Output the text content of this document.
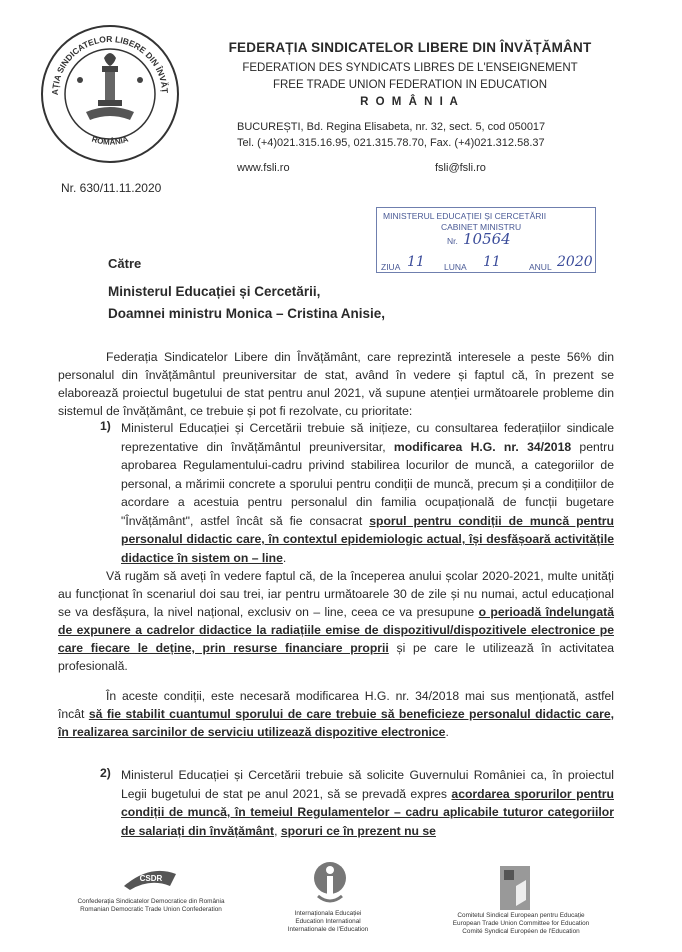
AȚIA SINDICATELOR LIBERE DIN ÎNVĂȚ
ROMÂNIA
FEDERAȚIA SINDICATELOR LIBERE DIN ÎNVĂȚĂMÂNT
FEDERATION DES SYNDICATS LIBRES DE L'ENSEIGNEMENT
FREE TRADE UNION FEDERATION IN EDUCATION
R O M Â N I A
BUCUREȘTI, Bd. Regina Elisabeta, nr. 32, sect. 5, cod 050017
Tel. (+4)021.315.16.95, 021.315.78.70, Fax. (+4)021.312.58.37
www.fsli.ro	fsli@fsli.ro
Nr. 630/11.11.2020
MINISTERUL EDUCAȚIEI ȘI CERCETĂRII
CABINET MINISTRU
Nr. 10564
ZIUA 11 LUNA 11	ANUL 2020
Către
Ministerul Educației și Cercetării,
Doamnei ministru Monica – Cristina Anisie,
Federația Sindicatelor Libere din Învățământ, care reprezintă interesele a peste 56% din personalul din învățământul preuniversitar de stat, având în vedere și faptul că, în prezent se elaborează proiectul bugetului de stat pentru anul 2021, vă supune atenției următoarele probleme din sistemul de învățământ, ce trebuie și pot fi rezolvate, cu prioritate:
1) Ministerul Educației și Cercetării trebuie să inițieze, cu consultarea federațiilor sindicale reprezentative din învățământul preuniversitar, modificarea H.G. nr. 34/2018 pentru aprobarea Regulamentului-cadru privind stabilirea locurilor de muncă, a categoriilor de personal, a mărimii concrete a sporului pentru condiții de muncă, precum și a condițiilor de acordare a acestuia pentru personalul din familia ocupațională de funcții bugetare "Învățământ", astfel încât să fie consacrat sporul pentru condiții de muncă pentru personalul didactic care, în contextul epidemiologic actual, își desfășoară activitățile didactice în sistem on – line.
Vă rugăm să aveți în vedere faptul că, de la începerea anului școlar 2020-2021, multe unități au funcționat în scenariul doi sau trei, iar pentru următoarele 30 de zile și nu numai, actul educațional se va desfășura, la nivel național, exclusiv on – line, ceea ce va presupune o perioadă îndelungată de expunere a cadrelor didactice la radiațiile emise de dispozitivul/dispozitivele electronice pe care fiecare le deține, prin resurse financiare proprii și pe care le utilizează în activitatea profesională.
În aceste condiții, este necesară modificarea H.G. nr. 34/2018 mai sus menționată, astfel încât să fie stabilit cuantumul sporului de care trebuie să beneficieze personalul didactic care, în realizarea sarcinilor de serviciu utilizează dispozitive electronice.
2) Ministerul Educației și Cercetării trebuie să solicite Guvernului României ca, în proiectul Legii bugetului de stat pe anul 2021, să se prevadă expres acordarea sporurilor pentru condiții de muncă, în temeiul Regulamentelor – cadru aplicabile tuturor categoriilor de salariați din învățământ, sporuri ce în prezent nu se
CSDR
Confederația Sindicatelor Democratice din România
Romanian Democratic Trade Union Confederation
Internaționala Educației
Education International
Internationale de l'Education
Comitetul Sindical European pentru Educație
European Trade Union Committee for Education
Comité Syndical Européen de l'Education
